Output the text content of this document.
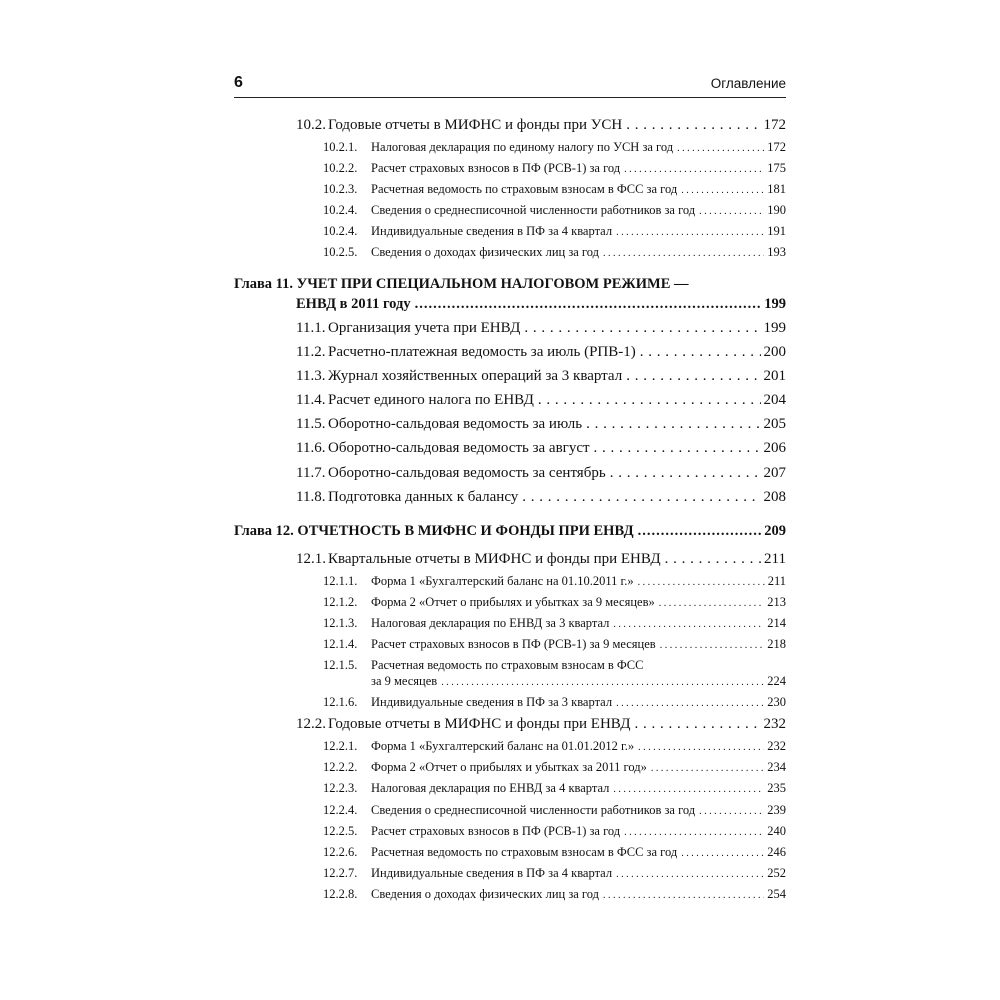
6	Оглавление
10.2. Годовые отчеты в МИФНС и фонды при УСН . . .	172
10.2.1.	Налоговая декларация по единому налогу по УСН за год . . .	172
10.2.2.	Расчет страховых взносов в ПФ (РСВ-1) за год . . .	175
10.2.3.	Расчетная ведомость по страховым взносам в ФСС за год . . .	181
10.2.4.	Сведения о среднесписочной численности работников за год . . .	190
10.2.4.	Индивидуальные сведения в ПФ за 4 квартал . . .	191
10.2.5.	Сведения о доходах физических лиц за год . . .	193
Глава 11. УЧЕТ ПРИ СПЕЦИАЛЬНОМ НАЛОГОВОМ РЕЖИМЕ —
ЕНВД в 2011 году .....	199
11.1. Организация учета при ЕНВД . . .	199
11.2. Расчетно-платежная ведомость за июль (РПВ-1) . . .	200
11.3. Журнал хозяйственных операций за 3 квартал . . .	201
11.4. Расчет единого налога по ЕНВД . . .	204
11.5. Оборотно-сальдовая ведомость за июль . . .	205
11.6. Оборотно-сальдовая ведомость за август . . .	206
11.7. Оборотно-сальдовая ведомость за сентябрь . . .	207
11.8. Подготовка данных к балансу . . .	208
Глава 12. ОТЧЕТНОСТЬ В МИФНС И ФОНДЫ ПРИ ЕНВД .....	209
12.1. Квартальные отчеты в МИФНС и фонды при ЕНВД . . .	211
12.1.1.	Форма 1 «Бухгалтерский баланс на 01.10.2011 г.» . . .	211
12.1.2.	Форма 2 «Отчет о прибылях и убытках за 9 месяцев» . . .	213
12.1.3.	Налоговая декларация по ЕНВД за 3 квартал . . .	214
12.1.4.	Расчет страховых взносов в ПФ (РСВ-1) за 9 месяцев . . .	218
12.1.5. Расчетная ведомость по страховым взносам в ФСС
за 9 месяцев . . .	224
12.1.6.	Индивидуальные сведения в ПФ за 3 квартал . . .	230
12.2. Годовые отчеты в МИФНС и фонды при ЕНВД . . .	232
12.2.1.	Форма 1 «Бухгалтерский баланс на 01.01.2012 г.» . . .	232
12.2.2.	Форма 2 «Отчет о прибылях и убытках за 2011 год» . . .	234
12.2.3.	Налоговая декларация по ЕНВД за 4 квартал . . .	235
12.2.4.	Сведения о среднесписочной численности работников за год . . .	239
12.2.5.	Расчет страховых взносов в ПФ (РСВ-1) за год . . .	240
12.2.6.	Расчетная ведомость по страховым взносам в ФСС за год . . .	246
12.2.7.	Индивидуальные сведения в ПФ за 4 квартал . . .	252
12.2.8.	Сведения о доходах физических лиц за год . . .	254
